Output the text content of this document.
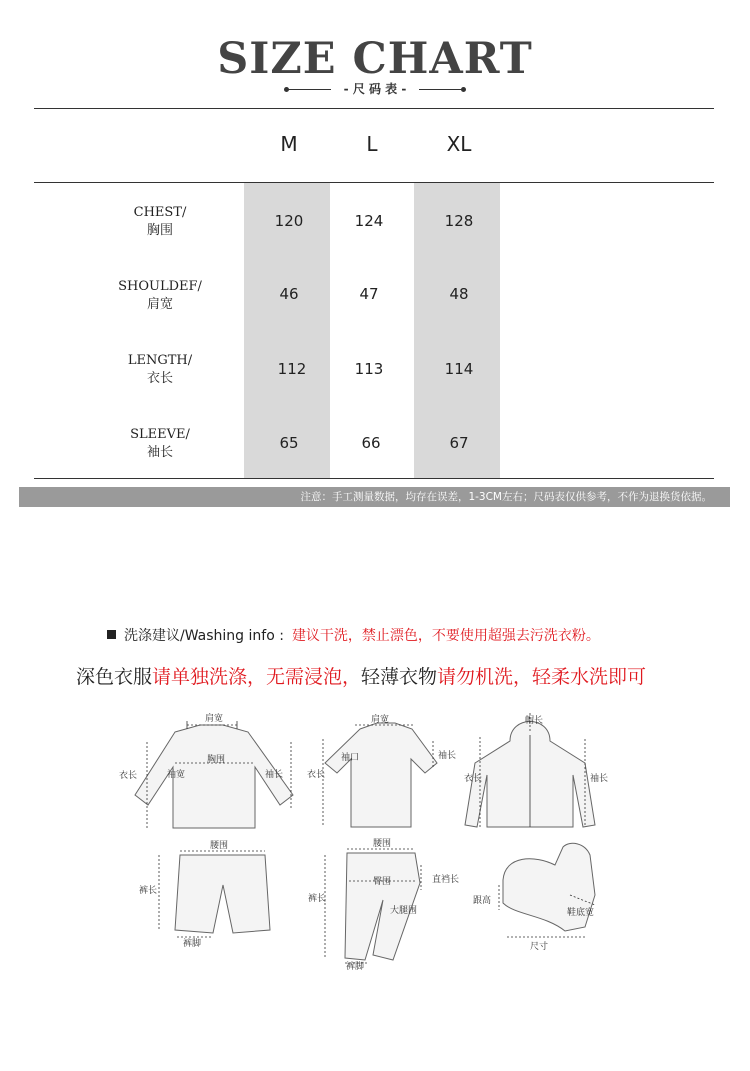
SIZE CHART
- 尺 码 表 -
M	L	XL
CHEST/
胸围
120	124	128
SHOULDEF/
肩宽
46	47	48
LENGTH/
衣长
112	113	114
SLEEVE/
袖长
65	66	67
注意：手工测量数据，均存在误差，1-3CM左右；尺码表仅供参考，不作为退换货依据。
洗涤建议/Washing info : 建议干洗，禁止漂色，不要使用超强去污洗衣粉。
深色衣服请单独洗涤，无需浸泡，轻薄衣物请勿机洗，轻柔水洗即可
肩宽
胸围
衣长	袖宽	袖长
肩宽
袖口
衣长
袖长
帽长
衣长	袖长
腰围
裤长
裤脚
腰围
臀围	直裆长
大腿围
裤长
裤脚
跟高
鞋底宽
尺寸
